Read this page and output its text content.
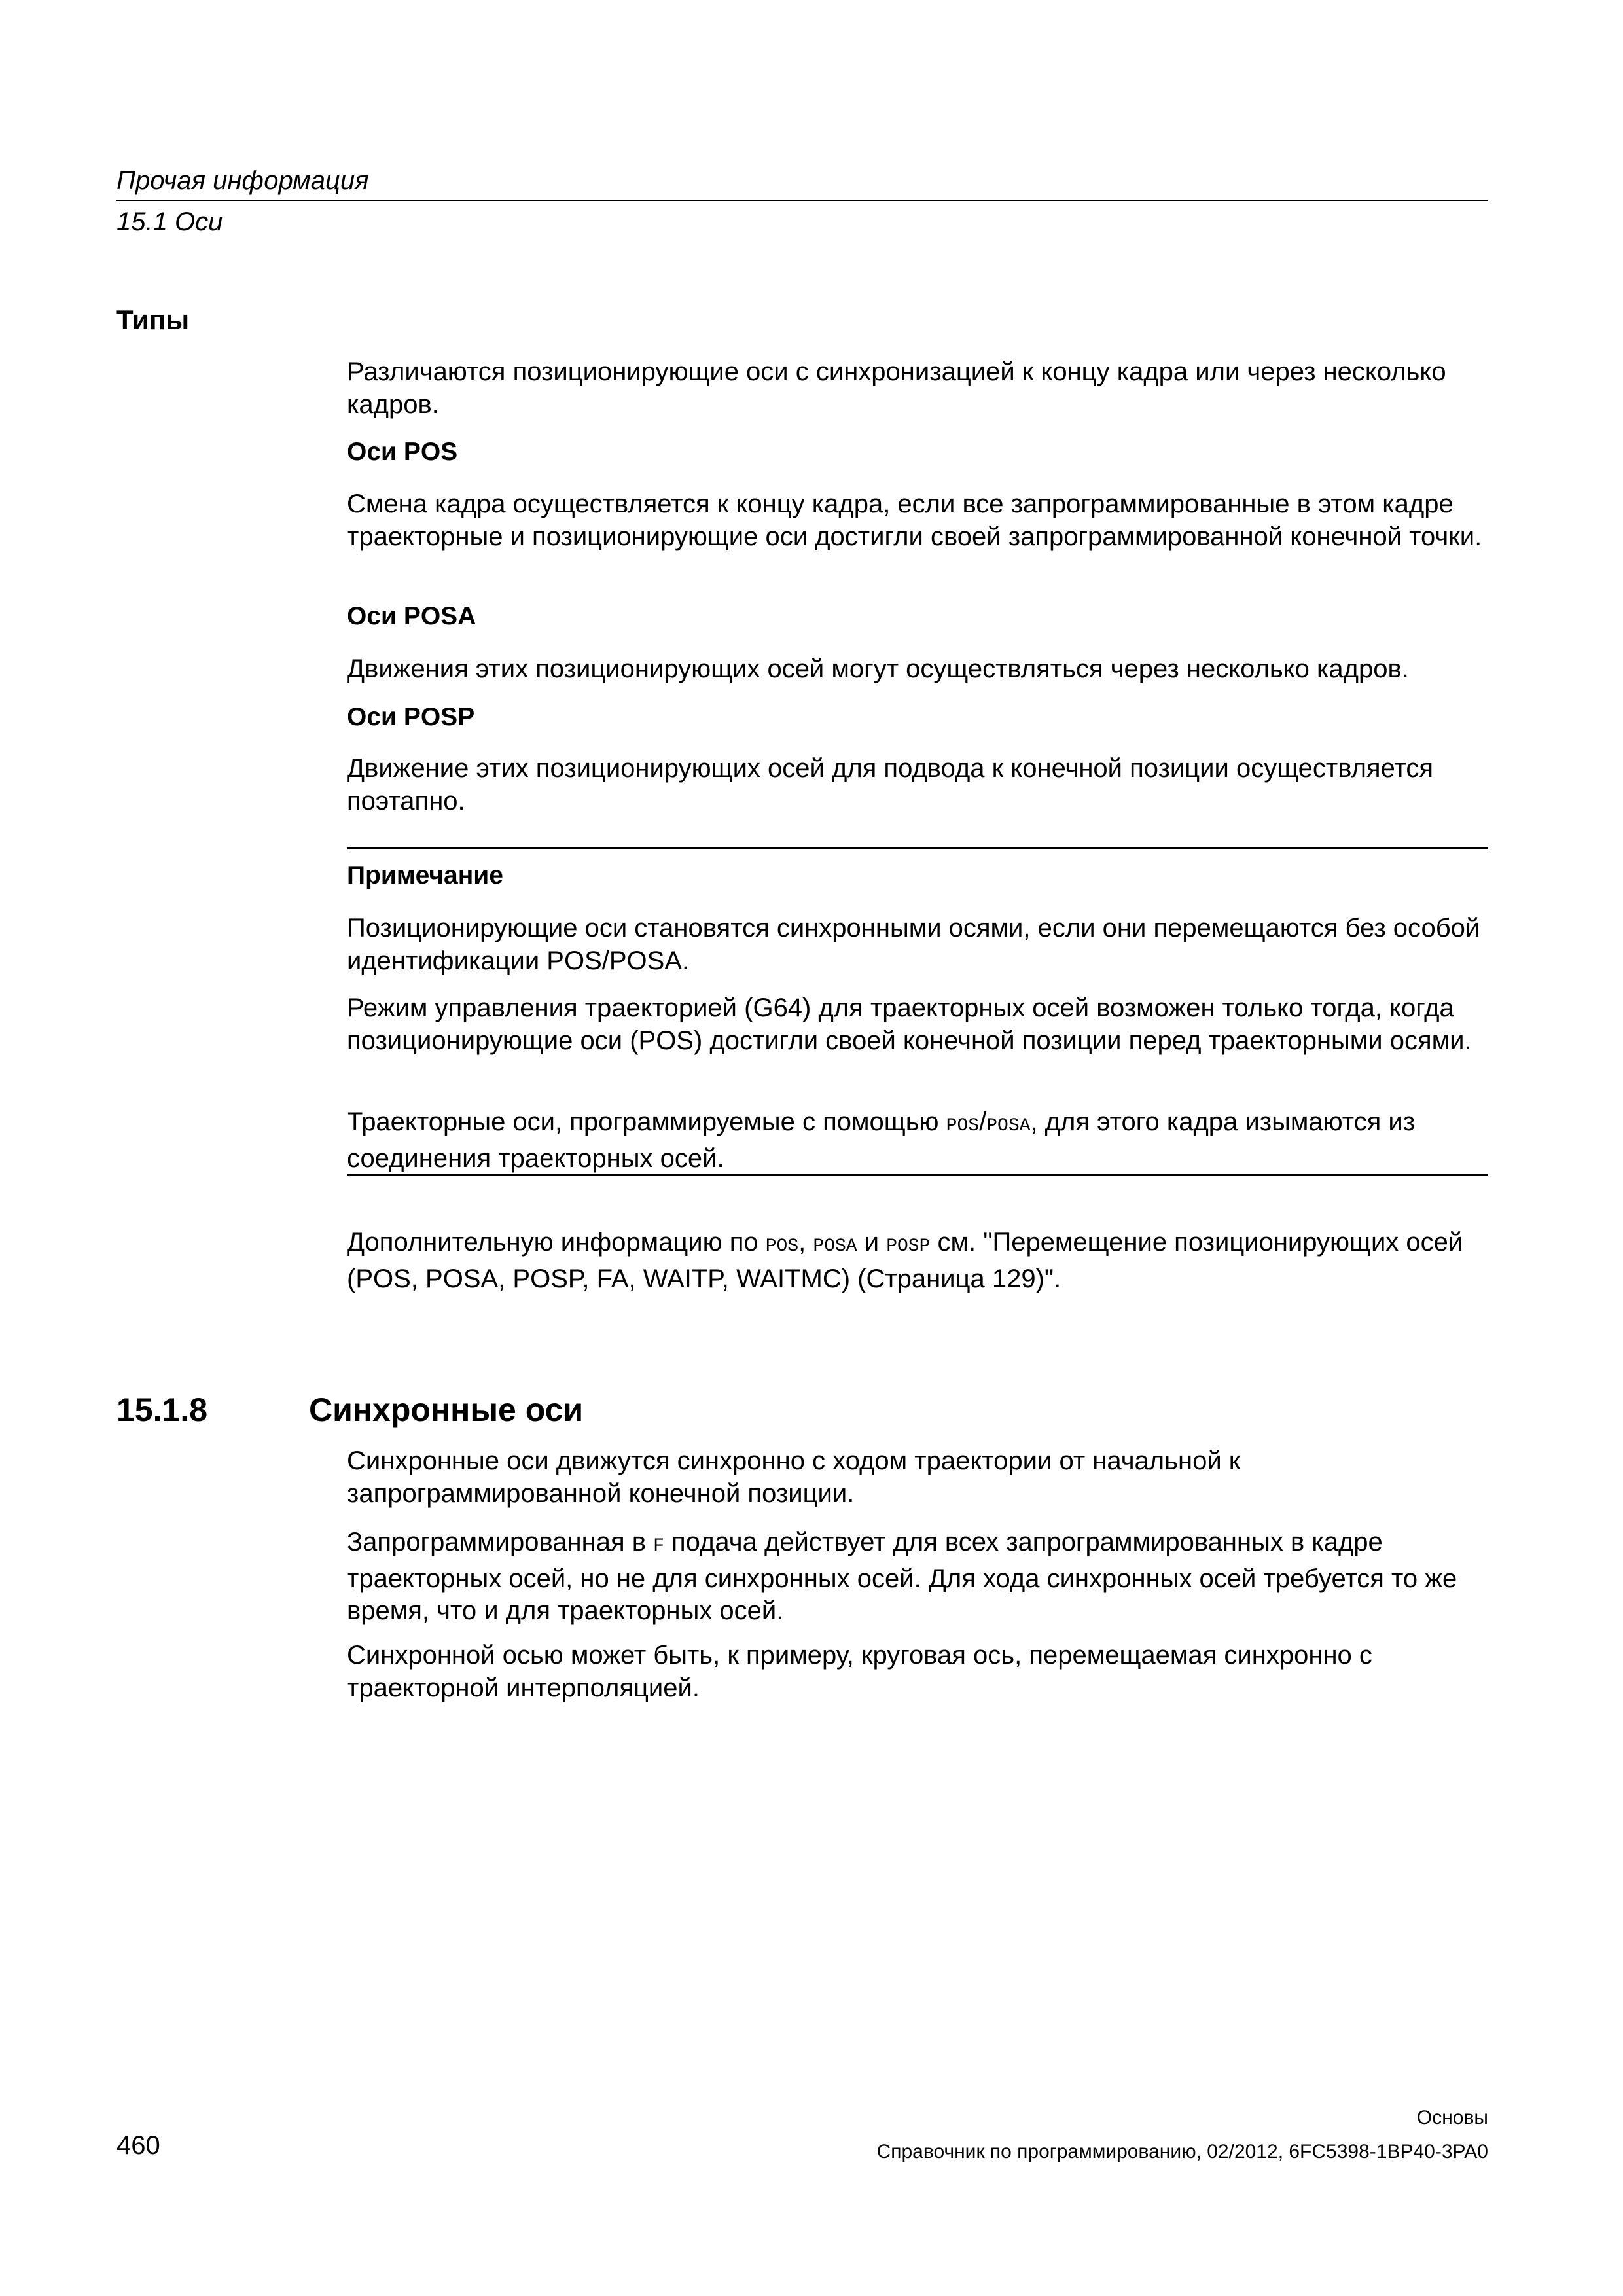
Прочая информация
15.1 Оси
Типы
Различаются позиционирующие оси с синхронизацией к концу кадра или через несколько кадров.
Оси POS
Смена кадра осуществляется к концу кадра, если все запрограммированные в этом кадре траекторные и позиционирующие оси достигли своей запрограммированной конечной точки.
Оси POSA
Движения этих позиционирующих осей могут осуществляться через несколько кадров.
Оси POSP
Движение этих позиционирующих осей для подвода к конечной позиции осуществляется поэтапно.
Примечание
Позиционирующие оси становятся синхронными осями, если они перемещаются без особой идентификации POS/POSA.
Режим управления траекторией (G64) для траекторных осей возможен только тогда, когда позиционирующие оси (POS) достигли своей конечной позиции перед траекторными осями.
Траекторные оси, программируемые с помощью POS/POSA, для этого кадра изымаются из соединения траекторных осей.
Дополнительную информацию по POS, POSA и POSP см. "Перемещение позиционирующих осей (POS, POSA, POSP, FA, WAITP, WAITMC) (Страница 129)".
15.1.8	Синхронные оси
Синхронные оси движутся синхронно с ходом траектории от начальной к запрограммированной конечной позиции.
Запрограммированная в F подача действует для всех запрограммированных в кадре траекторных осей, но не для синхронных осей. Для хода синхронных осей требуется то же время, что и для траекторных осей.
Синхронной осью может быть, к примеру, круговая ось, перемещаемая синхронно с траекторной интерполяцией.
Основы
460	Справочник по программированию, 02/2012, 6FC5398-1BP40-3PA0
